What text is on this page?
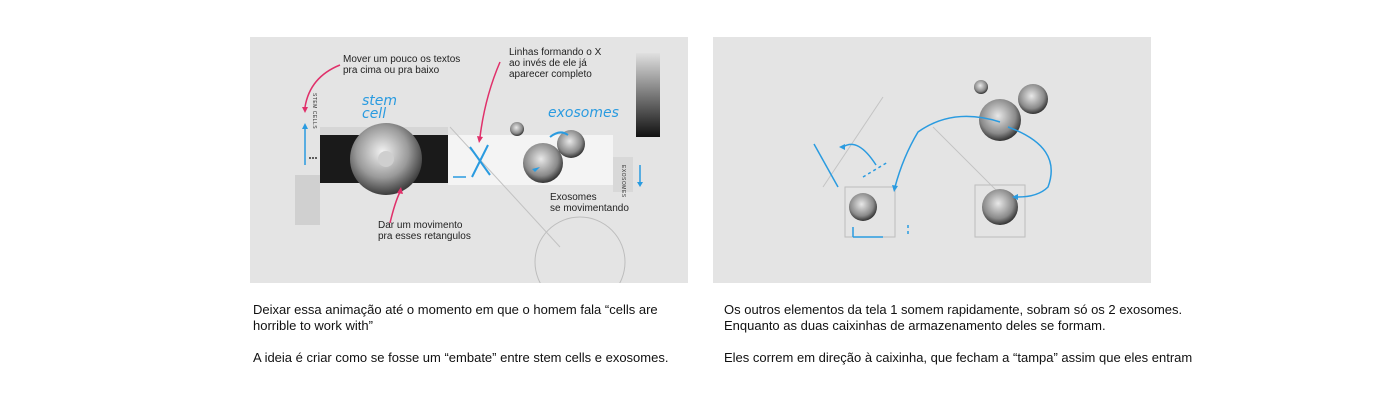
Mover um pouco os textos
pra cima ou pra baixo
Linhas formando o X
ao invés de ele já
aparecer completo
Dar um movimento
pra esses retangulos
Exosomes
se movimentando
stem
cell	exosomes
STEM CELLS
EXOSOMES

Deixar essa animação até o momento em que o homem fala “cells are horrible to work with”

A ideia é criar como se fosse um “embate” entre stem cells e exosomes.

Os outros elementos da tela 1 somem rapidamente, sobram só os 2 exosomes. Enquanto as duas caixinhas de armazenamento deles se formam.

Eles correm em direção à caixinha, que fecham a “tampa” assim que eles entram
